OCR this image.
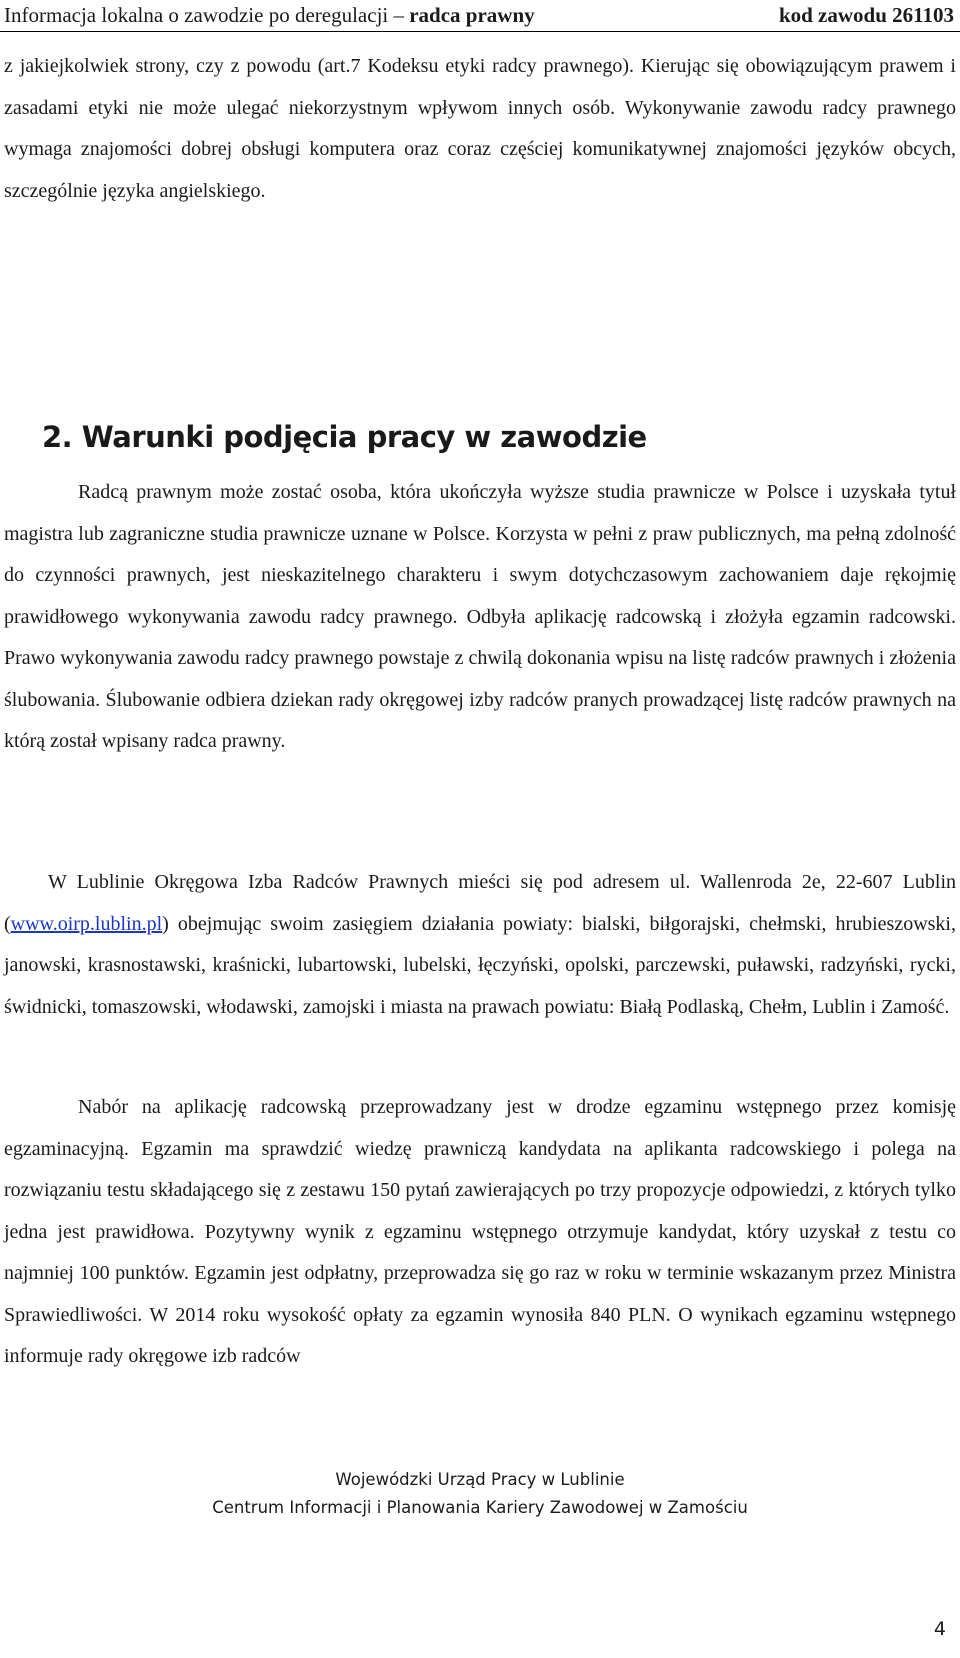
Informacja lokalna o zawodzie po deregulacji – radca prawny	kod zawodu 261103

z jakiejkolwiek strony, czy z powodu (art.7 Kodeksu etyki radcy prawnego). Kierując się obowiązującym prawem i zasadami etyki nie może ulegać niekorzystnym wpływom innych osób. Wykonywanie zawodu radcy prawnego wymaga znajomości dobrej obsługi komputera oraz coraz częściej komunikatywnej znajomości języków obcych, szczególnie języka angielskiego.

2. Warunki podjęcia pracy w zawodzie

Radcą prawnym może zostać osoba, która ukończyła wyższe studia prawnicze w Polsce i uzyskała tytuł magistra lub zagraniczne studia prawnicze uznane w Polsce. Korzysta w pełni z praw publicznych, ma pełną zdolność do czynności prawnych, jest nieskazitelnego charakteru i swym dotychczasowym zachowaniem daje rękojmię prawidłowego wykonywania zawodu radcy prawnego. Odbyła aplikację radcowską i złożyła egzamin radcowski. Prawo wykonywania zawodu radcy prawnego powstaje z chwilą dokonania wpisu na listę radców prawnych i złożenia ślubowania. Ślubowanie odbiera dziekan rady okręgowej izby radców pranych prowadzącej listę radców prawnych na którą został wpisany radca prawny.

W Lublinie Okręgowa Izba Radców Prawnych mieści się pod adresem ul. Wallenroda 2e, 22-607 Lublin (www.oirp.lublin.pl) obejmując swoim zasięgiem działania powiaty: bialski, biłgorajski, chełmski, hrubieszowski, janowski, krasnostawski, kraśnicki, lubartowski, lubelski, łęczyński, opolski, parczewski, puławski, radzyński, rycki, świdnicki, tomaszowski, włodawski, zamojski i miasta na prawach powiatu: Białą Podlaską, Chełm, Lublin i Zamość.

Nabór na aplikację radcowską przeprowadzany jest w drodze egzaminu wstępnego przez komisję egzaminacyjną. Egzamin ma sprawdzić wiedzę prawniczą kandydata na aplikanta radcowskiego i polega na rozwiązaniu testu składającego się z zestawu 150 pytań zawierających po trzy propozycje odpowiedzi, z których tylko jedna jest prawidłowa. Pozytywny wynik z egzaminu wstępnego otrzymuje kandydat, który uzyskał z testu co najmniej 100 punktów. Egzamin jest odpłatny, przeprowadza się go raz w roku w terminie wskazanym przez Ministra Sprawiedliwości. W 2014 roku wysokość opłaty za egzamin wynosiła 840 PLN. O wynikach egzaminu wstępnego informuje rady okręgowe izb radców

Wojewódzki Urząd Pracy w Lublinie
Centrum Informacji i Planowania Kariery Zawodowej w Zamościu
4
